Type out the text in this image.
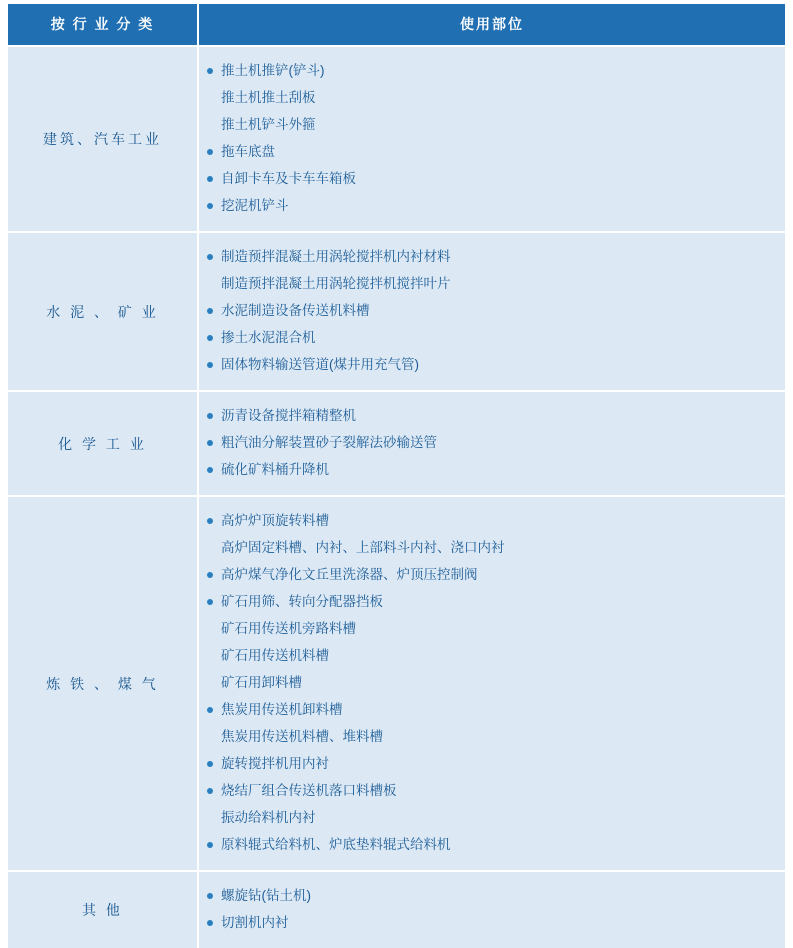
按 行 业 分 类	使用部位
建筑、汽车工业	
推土机推铲(铲斗)
推土机推土刮板
推土机铲斗外箍
拖车底盘
自卸卡车及卡车车箱板
挖泥机铲斗

水 泥 、 矿 业	
制造预拌混凝土用涡轮搅拌机内衬材料
制造预拌混凝土用涡轮搅拌机搅拌叶片
水泥制造设备传送机料槽
掺土水泥混合机
固体物料输送管道(煤井用充气管)

化 学 工 业	
沥青设备搅拌箱精整机
粗汽油分解装置砂子裂解法砂输送管
硫化矿料桶升降机

炼 铁 、 煤 气	
高炉炉顶旋转料槽
高炉固定料槽、内衬、上部料斗内衬、浇口内衬
高炉煤气净化文丘里洗涤器、炉顶压控制阀
矿石用筛、转向分配器挡板
矿石用传送机旁路料槽
矿石用传送机料槽
矿石用卸料槽
焦炭用传送机卸料槽
焦炭用传送机料槽、堆料槽
旋转搅拌机用内衬
烧结厂组合传送机落口料槽板
振动给料机内衬
原料辊式给料机、炉底垫料辊式给料机

其 他	
螺旋钻(钻土机)
切割机内衬
